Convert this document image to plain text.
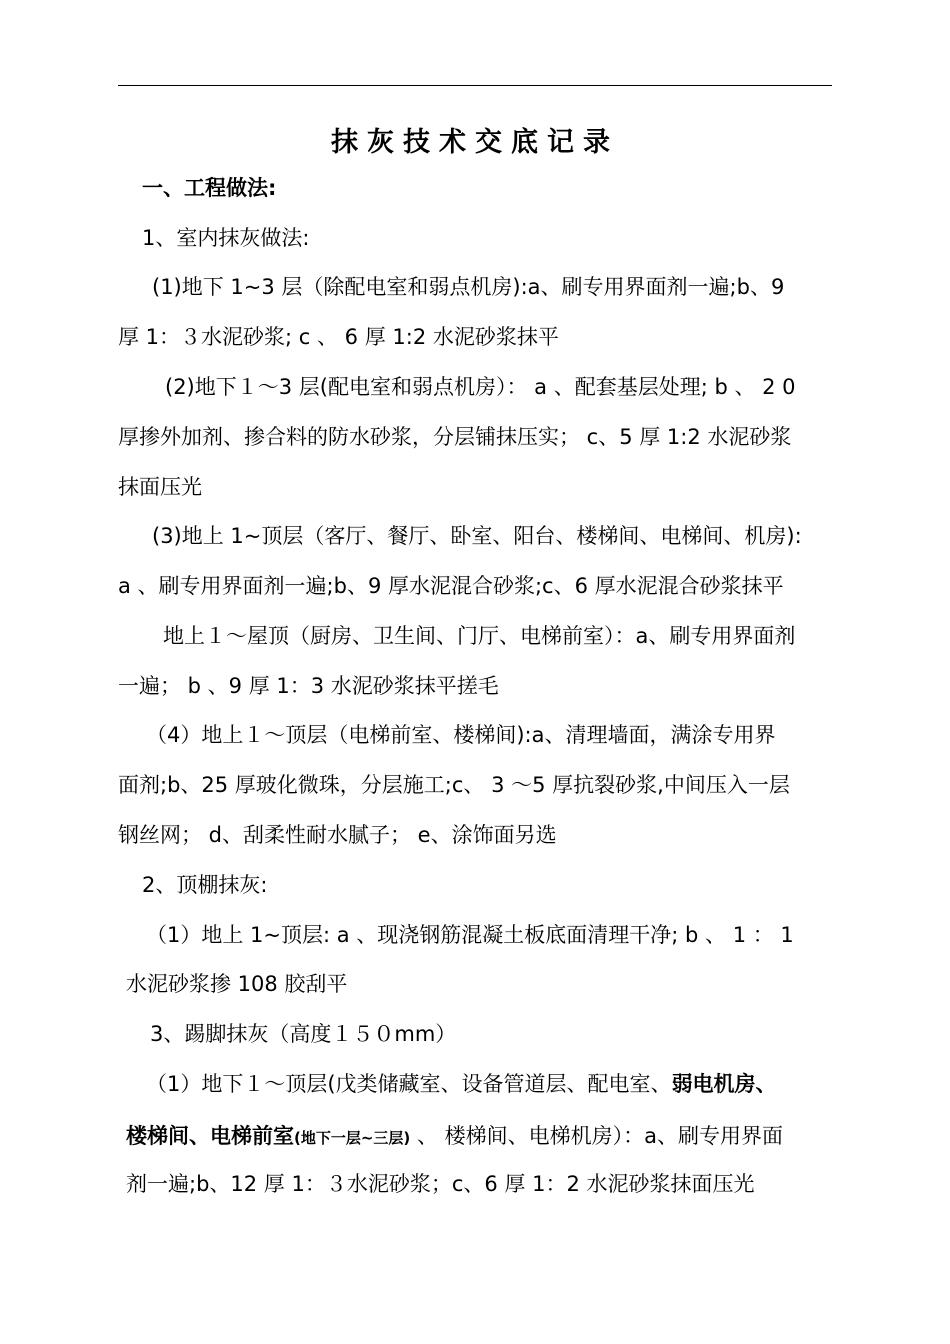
抹灰技术交底记录
一、工程做法:
1、室内抹灰做法:
(1)地下 1~3 层（除配电室和弱点机房):a、刷专用界面剂一遍;b、9
厚 1：３水泥砂浆; c 、 6 厚 1:2 水泥砂浆抹平
(2)地下１～3 层(配电室和弱点机房）： a 、配套基层处理; b 、 2 0
厚掺外加剂、掺合料的防水砂浆，分层铺抹压实； c、5 厚 1:2 水泥砂浆
抹面压光
(3)地上 1~顶层（客厅、餐厅、卧室、阳台、楼梯间、电梯间、机房):
a 、刷专用界面剂一遍;b、9 厚水泥混合砂浆;c、6 厚水泥混合砂浆抹平
地上１～屋顶（厨房、卫生间、门厅、电梯前室）：a、刷专用界面剂
一遍； b 、9 厚 1：3 水泥砂浆抹平搓毛
（4）地上１～顶层（电梯前室、楼梯间):a、清理墙面，满涂专用界
面剂;b、25 厚玻化微珠，分层施工;c、 3 ～5 厚抗裂砂浆,中间压入一层
钢丝网； d、刮柔性耐水腻子； e、涂饰面另选
2、顶棚抹灰:
（1）地上 1~顶层: a 、现浇钢筋混凝土板底面清理干净; b 、 1 ： 1
水泥砂浆掺 108 胶刮平
3、踢脚抹灰（高度１５０mm）
（1）地下１～顶层(戊类储藏室、设备管道层、配电室、弱电机房、
楼梯间、电梯前室(地下一层~三层) 、 楼梯间、电梯机房）：a、刷专用界面
剂一遍;b、12 厚 1：３水泥砂浆；c、6 厚 1：2 水泥砂浆抹面压光
